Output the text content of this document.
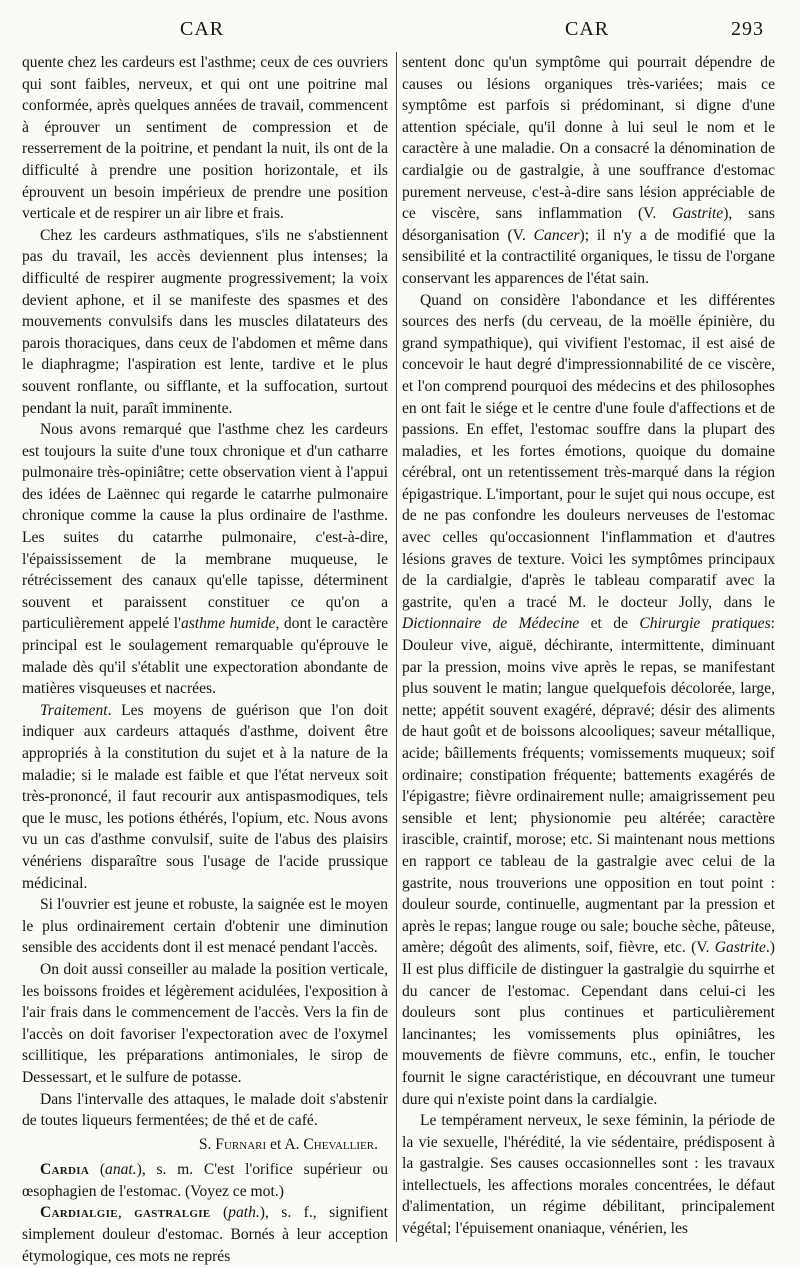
CAR	CAR	293

quente chez les cardeurs est l'asthme; ceux de ces ouvriers qui sont faibles, nerveux, et qui ont une poitrine mal conformée, après quelques années de travail, commencent à éprouver un sentiment de compression et de resserrement de la poitrine, et pendant la nuit, ils ont de la difficulté à prendre une position horizontale, et ils éprouvent un besoin impérieux de prendre une position verticale et de respirer un air libre et frais.

Chez les cardeurs asthmatiques, s'ils ne s'abstiennent pas du travail, les accès deviennent plus intenses; la difficulté de respirer augmente progressivement; la voix devient aphone, et il se manifeste des spasmes et des mouvements convulsifs dans les muscles dilatateurs des parois thoraciques, dans ceux de l'abdomen et même dans le diaphragme; l'aspiration est lente, tardive et le plus souvent ronflante, ou sifflante, et la suffocation, surtout pendant la nuit, paraît imminente.

Nous avons remarqué que l'asthme chez les cardeurs est toujours la suite d'une toux chronique et d'un catharre pulmonaire très-opiniâtre; cette observation vient à l'appui des idées de Laënnec qui regarde le catarrhe pulmonaire chronique comme la cause la plus ordinaire de l'asthme. Les suites du catarrhe pulmonaire, c'est-à-dire, l'épaississement de la membrane muqueuse, le rétrécissement des canaux qu'elle tapisse, déterminent souvent et paraissent constituer ce qu'on a particulièrement appelé l'asthme humide, dont le caractère principal est le soulagement remarquable qu'éprouve le malade dès qu'il s'établit une expectoration abondante de matières visqueuses et nacrées.

Traitement. Les moyens de guérison que l'on doit indiquer aux cardeurs attaqués d'asthme, doivent être appropriés à la constitution du sujet et à la nature de la maladie; si le malade est faible et que l'état nerveux soit très-prononcé, il faut recourir aux antispasmodiques, tels que le musc, les potions éthérés, l'opium, etc. Nous avons vu un cas d'asthme convulsif, suite de l'abus des plaisirs vénériens disparaître sous l'usage de l'acide prussique médicinal.

Si l'ouvrier est jeune et robuste, la saignée est le moyen le plus ordinairement certain d'obtenir une diminution sensible des accidents dont il est menacé pendant l'accès.

On doit aussi conseiller au malade la position verticale, les boissons froides et légèrement acidulées, l'exposition à l'air frais dans le commencement de l'accès. Vers la fin de l'accès on doit favoriser l'expectoration avec de l'oxymel scillitique, les préparations antimoniales, le sirop de Dessessart, et le sulfure de potasse.

Dans l'intervalle des attaques, le malade doit s'abstenir de toutes liqueurs fermentées; de thé et de café.

S. Furnari et A. Chevallier.

Cardia (anat.), s. m. C'est l'orifice supérieur ou œsophagien de l'estomac. (Voyez ce mot.)

Cardialgie, gastralgie (path.), s. f., signifient simplement douleur d'estomac. Bornés à leur acception étymologique, ces mots ne représ

sentent donc qu'un symptôme qui pourrait dépendre de causes ou lésions organiques très-variées; mais ce symptôme est parfois si prédominant, si digne d'une attention spéciale, qu'il donne à lui seul le nom et le caractère à une maladie. On a consacré la dénomination de cardialgie ou de gastralgie, à une souffrance d'estomac purement nerveuse, c'est-à-dire sans lésion appréciable de ce viscère, sans inflammation (V. Gastrite), sans désorganisation (V. Cancer); il n'y a de modifié que la sensibilité et la contractilité organiques, le tissu de l'organe conservant les apparences de l'état sain.

Quand on considère l'abondance et les différentes sources des nerfs (du cerveau, de la moëlle épinière, du grand sympathique), qui vivifient l'estomac, il est aisé de concevoir le haut degré d'impressionnabilité de ce viscère, et l'on comprend pourquoi des médecins et des philosophes en ont fait le siége et le centre d'une foule d'affections et de passions. En effet, l'estomac souffre dans la plupart des maladies, et les fortes émotions, quoique du domaine cérébral, ont un retentissement très-marqué dans la région épigastrique. L'important, pour le sujet qui nous occupe, est de ne pas confondre les douleurs nerveuses de l'estomac avec celles qu'occasionnent l'inflammation et d'autres lésions graves de texture. Voici les symptômes principaux de la cardialgie, d'après le tableau comparatif avec la gastrite, qu'en a tracé M. le docteur Jolly, dans le Dictionnaire de Médecine et de Chirurgie pratiques: Douleur vive, aiguë, déchirante, intermittente, diminuant par la pression, moins vive après le repas, se manifestant plus souvent le matin; langue quelquefois décolorée, large, nette; appétit souvent exagéré, dépravé; désir des aliments de haut goût et de boissons alcooliques; saveur métallique, acide; bâillements fréquents; vomissements muqueux; soif ordinaire; constipation fréquente; battements exagérés de l'épigastre; fièvre ordinairement nulle; amaigrissement peu sensible et lent; physionomie peu altérée; caractère irascible, craintif, morose; etc. Si maintenant nous mettions en rapport ce tableau de la gastralgie avec celui de la gastrite, nous trouverions une opposition en tout point : douleur sourde, continuelle, augmentant par la pression et après le repas; langue rouge ou sale; bouche sèche, pâteuse, amère; dégoût des aliments, soif, fièvre, etc. (V. Gastrite.) Il est plus difficile de distinguer la gastralgie du squirrhe et du cancer de l'estomac. Cependant dans celui-ci les douleurs sont plus continues et particulièrement lancinantes; les vomissements plus opiniâtres, les mouvements de fièvre communs, etc., enfin, le toucher fournit le signe caractéristique, en découvrant une tumeur dure qui n'existe point dans la cardialgie.

Le tempérament nerveux, le sexe féminin, la période de la vie sexuelle, l'hérédité, la vie sédentaire, prédisposent à la gastralgie. Ses causes occasionnelles sont : les travaux intellectuels, les affections morales concentrées, le défaut d'alimentation, un régime débilitant, principalement végétal; l'épuisement onaniaque, vénérien, les
